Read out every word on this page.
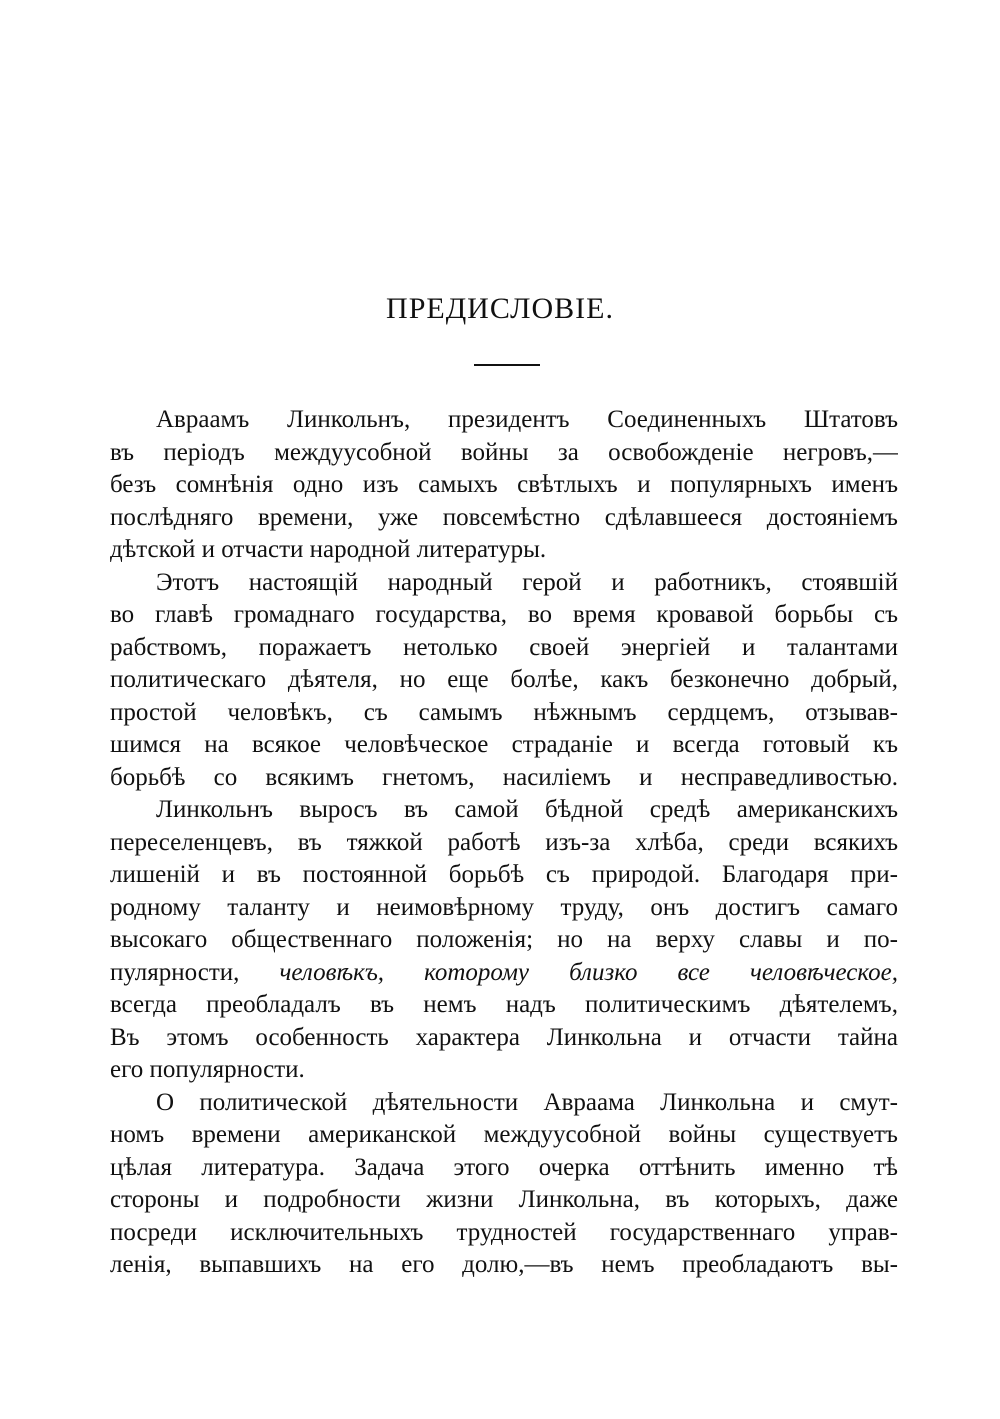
ПРЕДИСЛОВІЕ.
Авраамъ Линкольнъ, президентъ Соединенныхъ Штатовъ
въ періодъ междуусобной войны за освобожденіе негровъ,—
безъ сомнѣнія одно изъ самыхъ свѣтлыхъ и популярныхъ именъ
послѣдняго времени, уже повсемѣстно сдѣлавшееся достояніемъ
дѣтской и отчасти народной литературы.
Этотъ настоящій народный герой и работникъ, стоявшій
во главѣ громаднаго государства, во время кровавой борьбы съ
рабствомъ, поражаетъ нетолько своей энергіей и талантами
политическаго дѣятеля, но еще болѣе, какъ безконечно добрый,
простой человѣкъ, съ самымъ нѣжнымъ сердцемъ, отзывав-
шимся на всякое человѣческое страданіе и всегда готовый къ
борьбѣ со всякимъ гнетомъ, насиліемъ и несправедливостью.
Линкольнъ выросъ въ самой бѣдной средѣ американскихъ
переселенцевъ, въ тяжкой работѣ изъ-за хлѣба, среди всякихъ
лишеній и въ постоянной борьбѣ съ природой. Благодаря при-
родному таланту и неимовѣрному труду, онъ достигъ самаго
высокаго общественнаго положенія; но на верху славы и по-
пулярности, человѣкъ, которому близко все человѣческое,
всегда преобладалъ въ немъ надъ политическимъ дѣятелемъ,
Въ этомъ особенность характера Линкольна и отчасти тайна
его популярности.
О политической дѣятельности Авраама Линкольна и смут-
номъ времени американской междуусобной войны существуетъ
цѣлая литература. Задача этого очерка оттѣнить именно тѣ
стороны и подробности жизни Линкольна, въ которыхъ, даже
посреди исключительныхъ трудностей государственнаго управ-
ленія, выпавшихъ на его долю,—въ немъ преобладаютъ вы-
